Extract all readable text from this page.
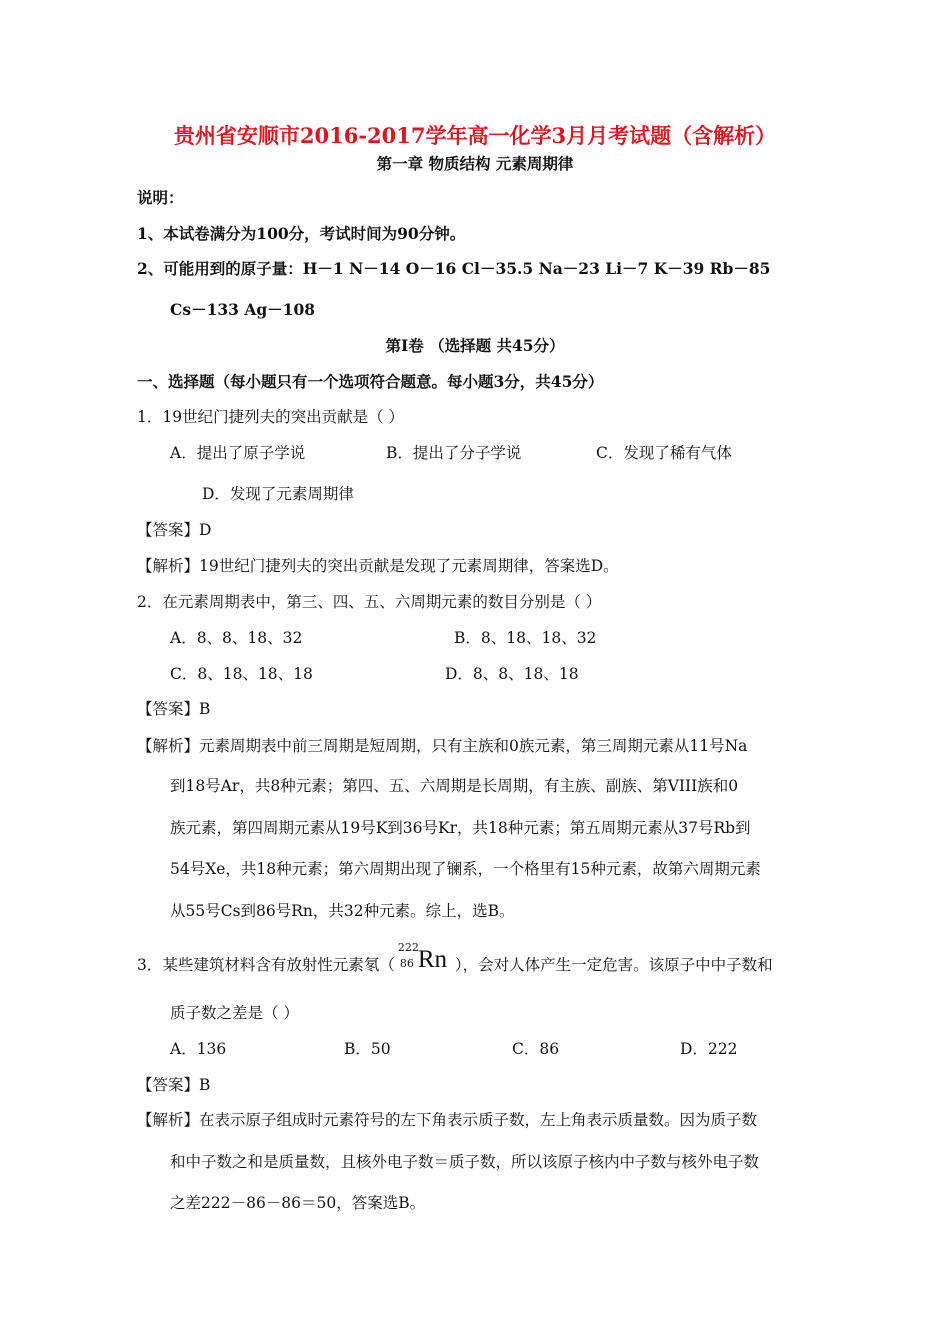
贵州省安顺市2016-2017学年高一化学3月月考试题（含解析）
第一章 物质结构 元素周期律
说明：
1、本试卷满分为100分，考试时间为90分钟。
2、可能用到的原子量：H－1 N－14 O－16 Cl－35.5 Na－23 Li－7 K－39 Rb－85
Cs－133 Ag－108
第Ⅰ卷 （选择题 共45分）
一、选择题（每小题只有一个选项符合题意。每小题3分，共45分）
1．19世纪门捷列夫的突出贡献是（ ）
A．提出了原子学说	B．提出了分子学说	C．发现了稀有气体
D．发现了元素周期律
【答案】D
【解析】19世纪门捷列夫的突出贡献是发现了元素周期律，答案选D。
2．在元素周期表中，第三、四、五、六周期元素的数目分别是（ ）
A．8、8、18、32	B．8、18、18、32
C．8、18、18、18	D．8、8、18、18
【答案】B
【解析】元素周期表中前三周期是短周期，只有主族和0族元素，第三周期元素从11号Na
到18号Ar，共8种元素；第四、五、六周期是长周期，有主族、副族、第VIII族和0
族元素，第四周期元素从19号K到36号Kr，共18种元素；第五周期元素从37号Rb到
54号Xe，共18种元素；第六周期出现了镧系，一个格里有15种元素，故第六周期元素
从55号Cs到86号Rn，共32种元素。综上，选B。
3．某些建筑材料含有放射性元素氡（
222
86 Rn ），会对人体产生一定危害。该原子中中子数和
质子数之差是（ ）
A．136	B．50	C．86	D．222
【答案】B
【解析】在表示原子组成时元素符号的左下角表示质子数，左上角表示质量数。因为质子数
和中子数之和是质量数，且核外电子数＝质子数，所以该原子核内中子数与核外电子数
之差222－86－86＝50，答案选B。
